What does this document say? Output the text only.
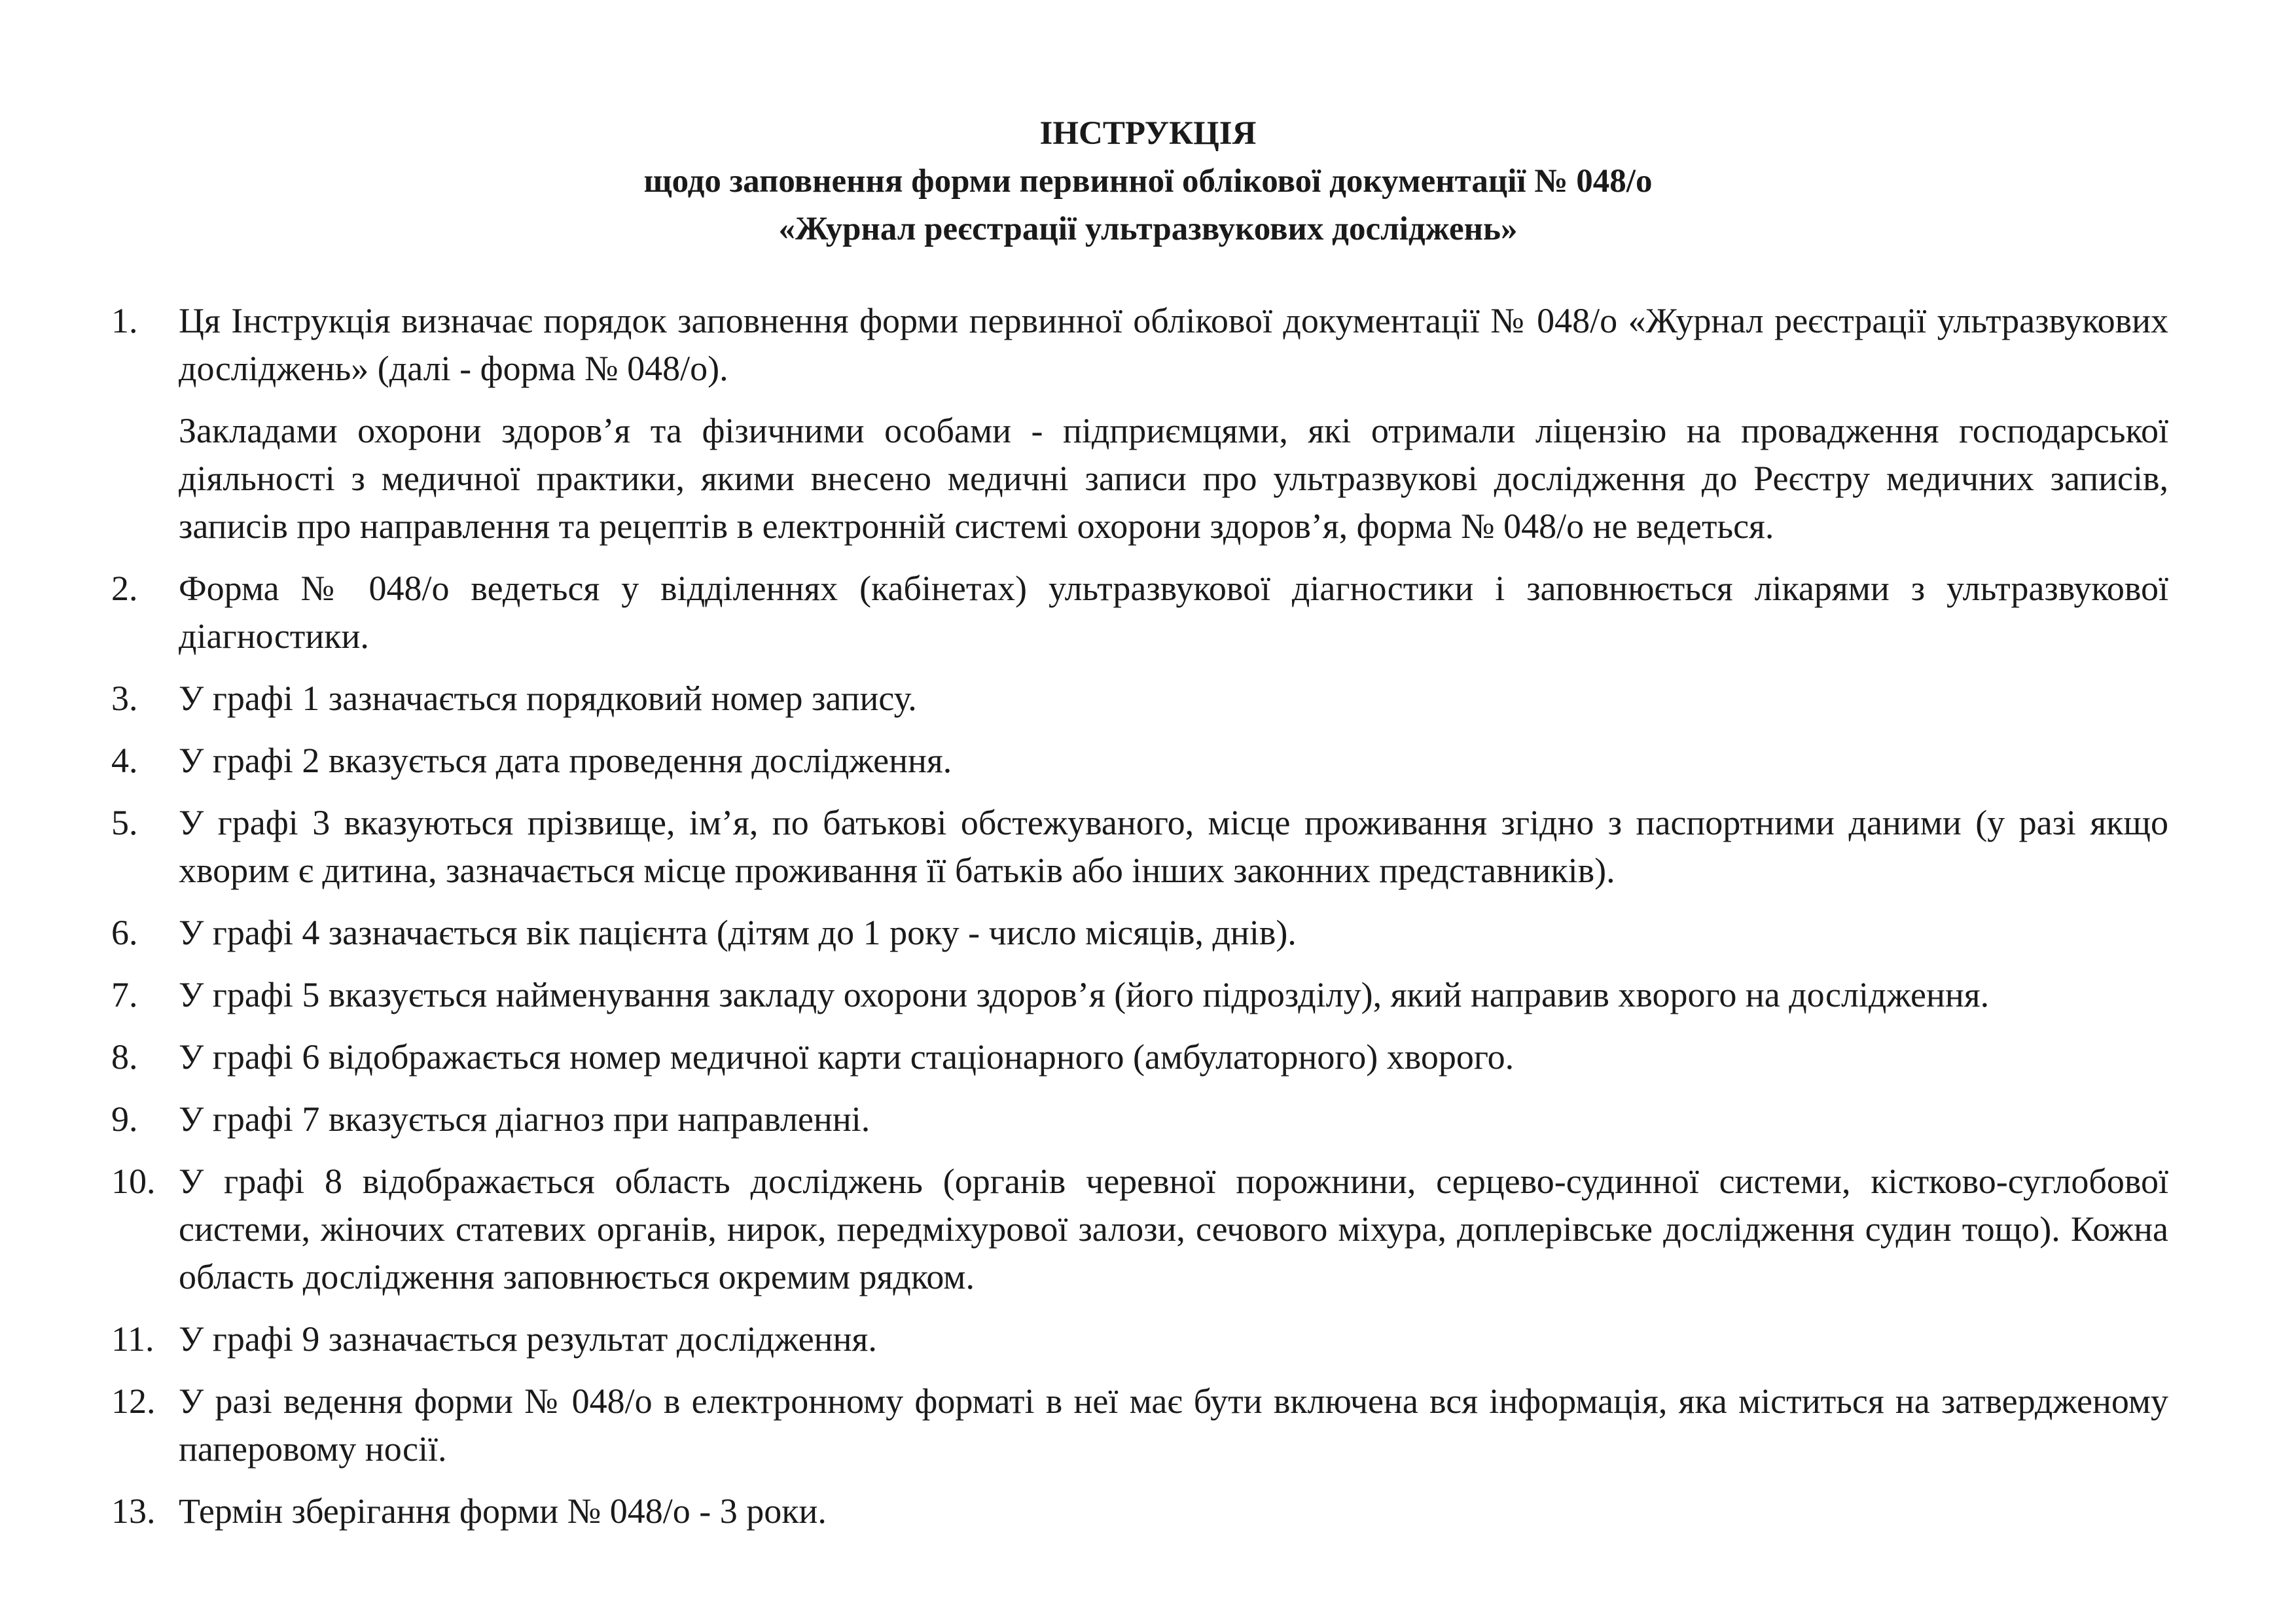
ІНСТРУКЦІЯ
щодо заповнення форми первинної облікової документації № 048/о
«Журнал реєстрації ультразвукових досліджень»
1.	Ця Інструкція визначає порядок заповнення форми первинної облікової документації № 048/о «Журнал реєстрації ультразвукових досліджень» (далі - форма № 048/о).

Закладами охорони здоров’я та фізичними особами - підприємцями, які отримали ліцензію на провадження господарської діяльності з медичної практики, якими внесено медичні записи про ультразвукові дослідження до Реєстру медичних записів, записів про направлення та рецептів в електронній системі охорони здоров’я, форма № 048/о не ведеться.

2.	Форма № 048/о ведеться у відділеннях (кабінетах) ультразвукової діагностики і заповнюється лікарями з ультразвукової діагностики.

3.	У графі 1 зазначається порядковий номер запису.

4.	У графі 2 вказується дата проведення дослідження.

5.	У графі 3 вказуються прізвище, ім’я, по батькові обстежуваного, місце проживання згідно з паспортними даними (у разі якщо хворим є дитина, зазначається місце проживання її батьків або інших законних представників).

6.	У графі 4 зазначається вік пацієнта (дітям до 1 року - число місяців, днів).

7.	У графі 5 вказується найменування закладу охорони здоров’я (його підрозділу), який направив хворого на дослідження.

8.	У графі 6 відображається номер медичної карти стаціонарного (амбулаторного) хворого.

9.	У графі 7 вказується діагноз при направленні.

10. У графі 8 відображається область досліджень (органів черевної порожнини, серцево-судинної системи, кістково-суглобової системи, жіночих статевих органів, нирок, передміхурової залози, сечового міхура, доплерівське дослідження судин тощо). Кожна область дослідження заповнюється окремим рядком.

11. У графі 9 зазначається результат дослідження.

12. У разі ведення форми № 048/о в електронному форматі в неї має бути включена вся інформація, яка міститься на затвердженому паперовому носії.

13. Термін зберігання форми № 048/о - 3 роки.
